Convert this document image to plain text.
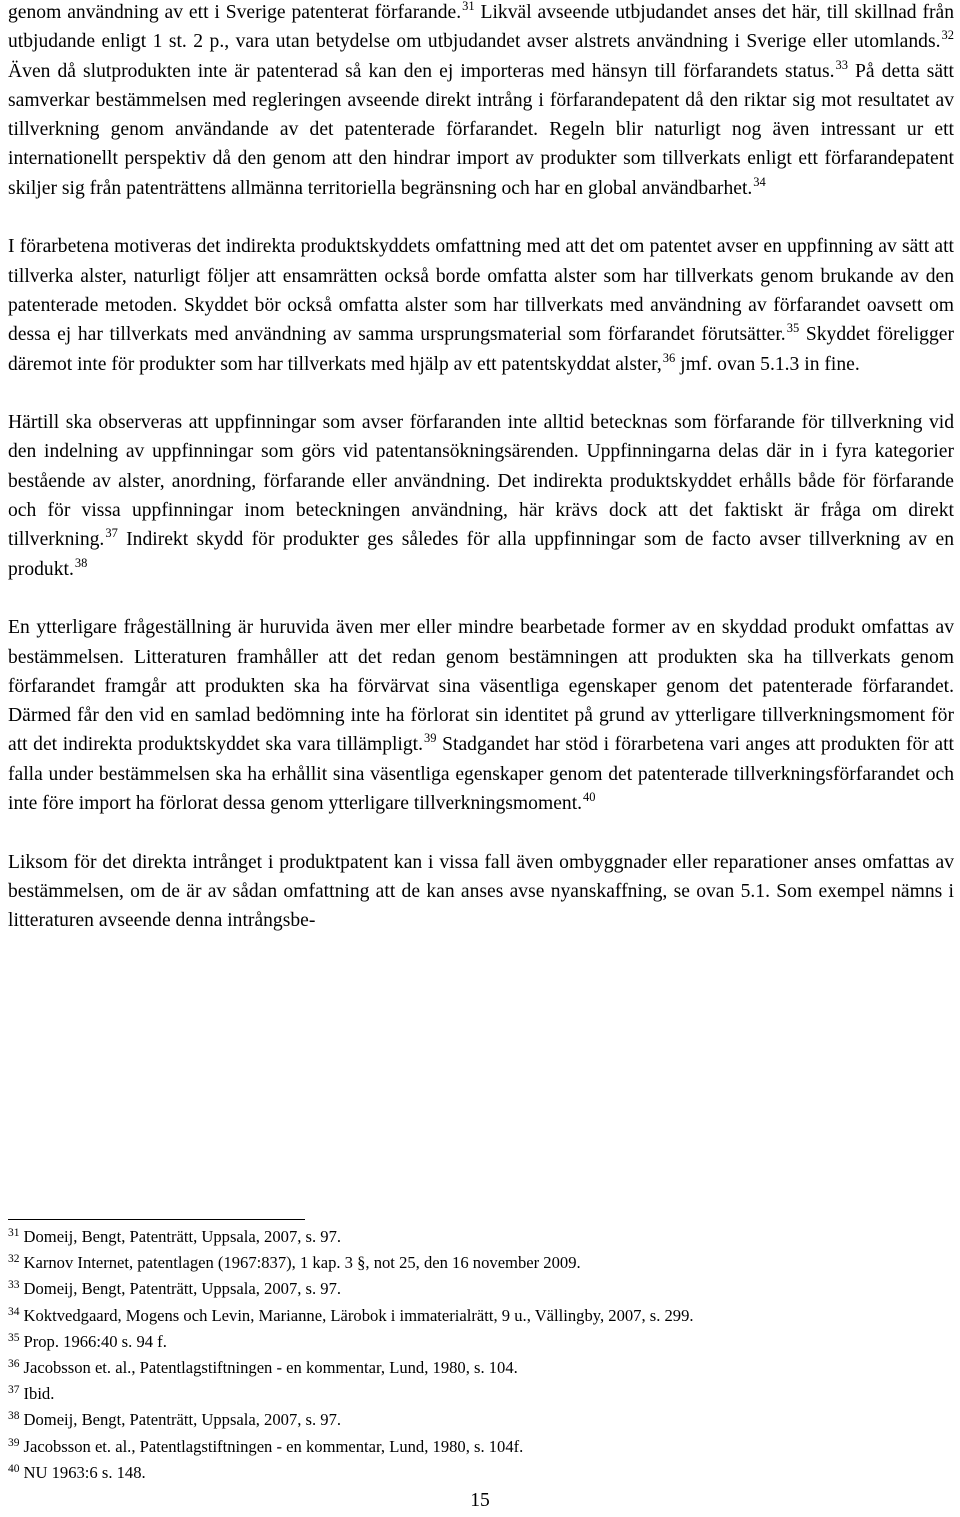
genom användning av ett i Sverige patenterat förfarande.$^{31}$ Likväl avseende utbjudandet anses det här, till skillnad från utbjudande enligt 1 st. 2 p., vara utan betydelse om utbjudandet avser alstrets användning i Sverige eller utomlands.$^{32}$ Även då slutprodukten inte är patenterad så kan den ej importeras med hänsyn till förfarandets status.$^{33}$ På detta sätt samverkar bestämmelsen med regleringen avseende direkt intrång i förfarandepatent då den riktar sig mot resultatet av tillverkning genom användande av det patenterade förfarandet. Regeln blir naturligt nog även intressant ur ett internationellt perspektiv då den genom att den hindrar import av produkter som tillverkats enligt ett förfarandepatent skiljer sig från patenträttens allmänna territoriella begränsning och har en global användbarhet.$^{34}$

I förarbetena motiveras det indirekta produktskyddets omfattning med att det om patentet avser en uppfinning av sätt att tillverka alster, naturligt följer att ensamrätten också borde omfatta alster som har tillverkats genom brukande av den patenterade metoden. Skyddet bör också omfatta alster som har tillverkats med användning av förfarandet oavsett om dessa ej har tillverkats med användning av samma ursprungsmaterial som förfarandet förutsätter.$^{35}$ Skyddet föreligger däremot inte för produkter som har tillverkats med hjälp av ett patentskyddat alster,$^{36}$ jmf. ovan 5.1.3 in fine.

Härtill ska observeras att uppfinningar som avser förfaranden inte alltid betecknas som förfarande för tillverkning vid den indelning av uppfinningar som görs vid patentansökningsärenden. Uppfinningarna delas där in i fyra kategorier bestående av alster, anordning, förfarande eller användning. Det indirekta produktskyddet erhålls både för förfarande och för vissa uppfinningar inom beteckningen användning, här krävs dock att det faktiskt är fråga om direkt tillverkning.$^{37}$ Indirekt skydd för produkter ges således för alla uppfinningar som de facto avser tillverkning av en produkt.$^{38}$

En ytterligare frågeställning är huruvida även mer eller mindre bearbetade former av en skyddad produkt omfattas av bestämmelsen. Litteraturen framhåller att det redan genom bestämningen att produkten ska ha tillverkats genom förfarandet framgår att produkten ska ha förvärvat sina väsentliga egenskaper genom det patenterade förfarandet. Därmed får den vid en samlad bedömning inte ha förlorat sin identitet på grund av ytterligare tillverkningsmoment för att det indirekta produktskyddet ska vara tillämpligt.$^{39}$ Stadgandet har stöd i förarbetena vari anges att produkten för att falla under bestämmelsen ska ha erhållit sina väsentliga egenskaper genom det patenterade tillverkningsförfarandet och inte före import ha förlorat dessa genom ytterligare tillverkningsmoment.$^{40}$

Liksom för det direkta intrånget i produktpatent kan i vissa fall även ombyggnader eller reparationer anses omfattas av bestämmelsen, om de är av sådan omfattning att de kan anses avse nyanskaffning, se ovan 5.1. Som exempel nämns i litteraturen avseende denna intrångsbe-

$^{31}$ Domeij, Bengt, Patenträtt, Uppsala, 2007, s. 97.
$^{32}$ Karnov Internet, patentlagen (1967:837), 1 kap. 3 §, not 25, den 16 november 2009.
$^{33}$ Domeij, Bengt, Patenträtt, Uppsala, 2007, s. 97.
$^{34}$ Koktvedgaard, Mogens och Levin, Marianne, Lärobok i immaterialrätt, 9 u., Vällingby, 2007, s. 299.
$^{35}$ Prop. 1966:40 s. 94 f.
$^{36}$ Jacobsson et. al., Patentlagstiftningen - en kommentar, Lund, 1980, s. 104.
$^{37}$ Ibid.
$^{38}$ Domeij, Bengt, Patenträtt, Uppsala, 2007, s. 97.
$^{39}$ Jacobsson et. al., Patentlagstiftningen - en kommentar, Lund, 1980, s. 104f.
$^{40}$ NU 1963:6 s. 148.
15
